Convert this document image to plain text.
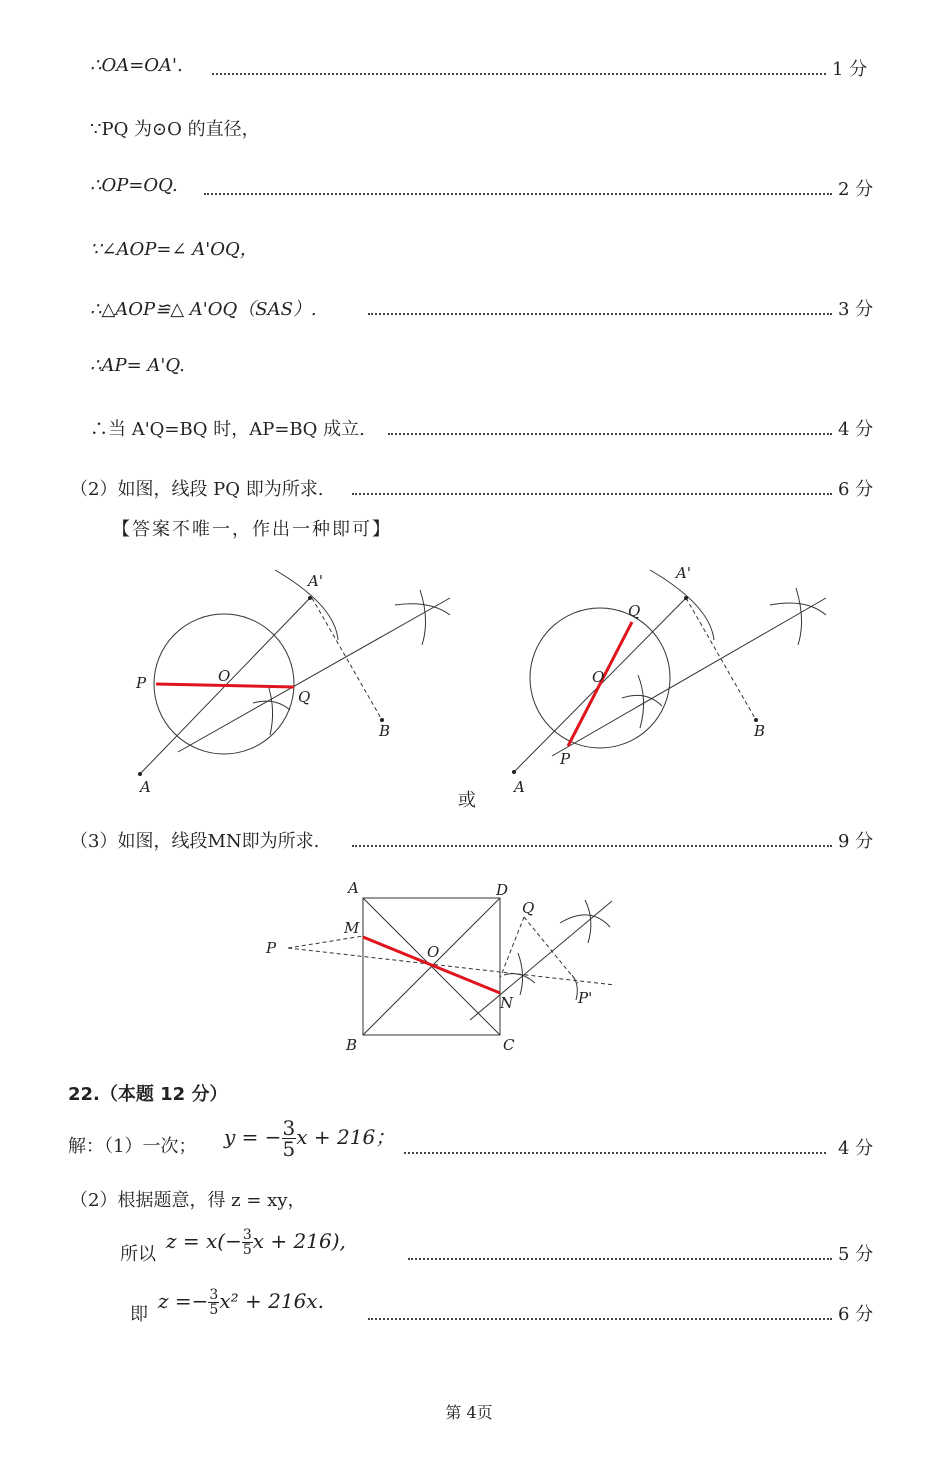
∴OA=OA'.	1 分
∵PQ 为⊙O 的直径，
∴OP=OQ.	2 分
∵∠AOP=∠ A'OQ，
∴△AOP≌△ A'OQ（SAS）.	3 分
∴AP= A'Q.
∴当 A'Q=BQ 时，AP=BQ 成立.	4 分
（2）如图，线段 PQ 即为所求.	6 分
【答案不唯一，作出一种即可】
A'
P	O
Q
B
A
A'
Q
O
P
B
A
或
（3）如图，线段MN即为所求.	9 分
A	D
M
O
Q
P
P'
N
B	C
22.（本题 12 分）
解：（1）一次； y = − $\frac{3}{5}$ x + 216；	4 分
（2）根据题意，得 z = xy，
所以
$z = x(- \frac{3}{5}$ x + 216),
5 分
即
$z =- \frac{3}{5} x^2 + 216x$.
6 分
第 4页
